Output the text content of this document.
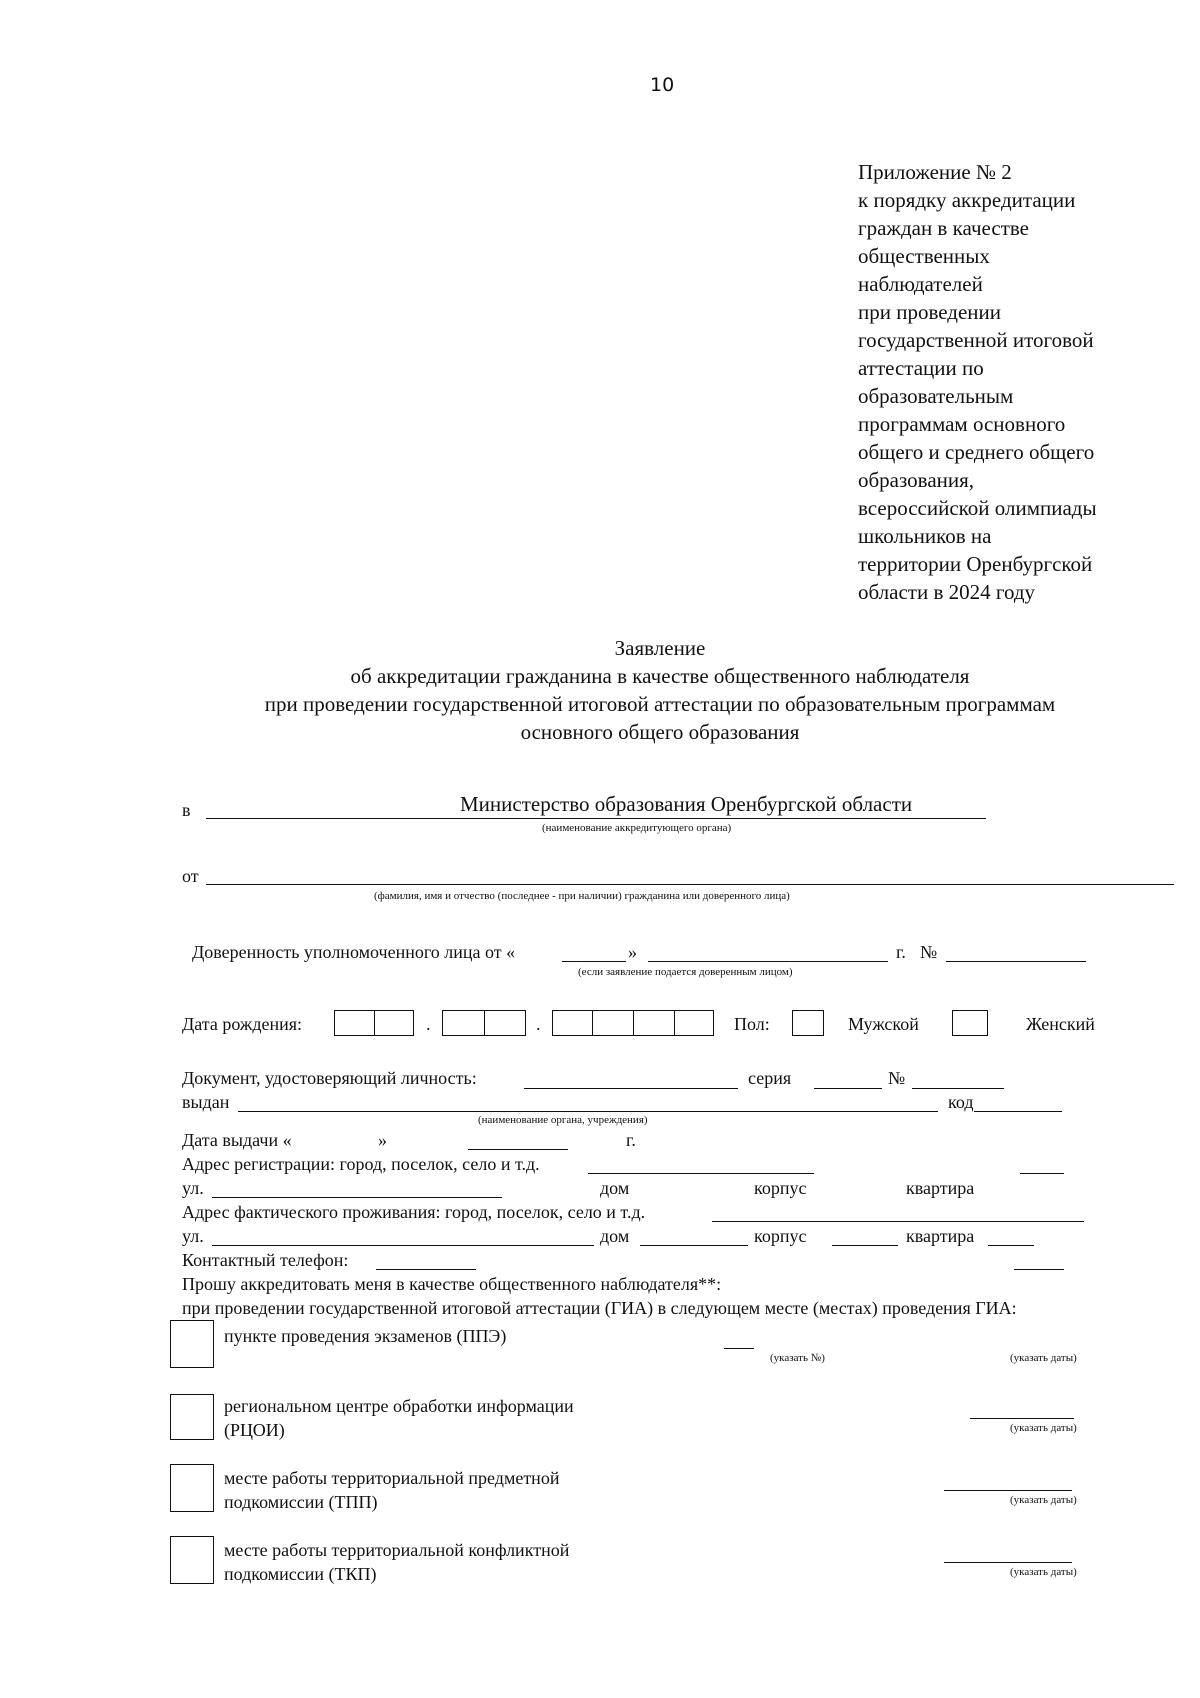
10
Приложение № 2
к порядку аккредитации
граждан в качестве
общественных
наблюдателей
при проведении
государственной итоговой
аттестации по
образовательным
программам основного
общего и среднего общего
образования,
всероссийской олимпиады
школьников на
территории Оренбургской
области в 2024 году
Заявление
об аккредитации гражданина в качестве общественного наблюдателя
при проведении государственной итоговой аттестации по образовательным программам
основного общего образования
в	Министерство образования Оренбургской области
(наименование аккредитующего органа)
от
(фамилия, имя и отчество (последнее - при наличии) гражданина или доверенного лица)
Доверенность уполномоченного лица от «	»	г. №
(если заявление подается доверенным лицом)
Дата рождения:	.	.	Пол:	Мужской	Женский
Документ, удостоверяющий личность:	серия	№
выдан	код
(наименование органа, учреждения)
Дата выдачи «	»	г.
Адрес регистрации: город, поселок, село и т.д.
ул.	дом	корпус	квартира
Адрес фактического проживания: город, поселок, село и т.д.
ул.	дом	корпус	квартира
Контактный телефон:
Прошу аккредитовать меня в качестве общественного наблюдателя**:
при проведении государственной итоговой аттестации (ГИА) в следующем месте (местах) проведения ГИА:
пункте проведения экзаменов (ППЭ)
(указать №)	(указать даты)
региональном центре обработки информации
(РЦОИ)	(указать даты)
месте работы территориальной предметной
подкомиссии (ТПП)	(указать даты)
месте работы территориальной конфликтной
подкомиссии (ТКП)	(указать даты)
